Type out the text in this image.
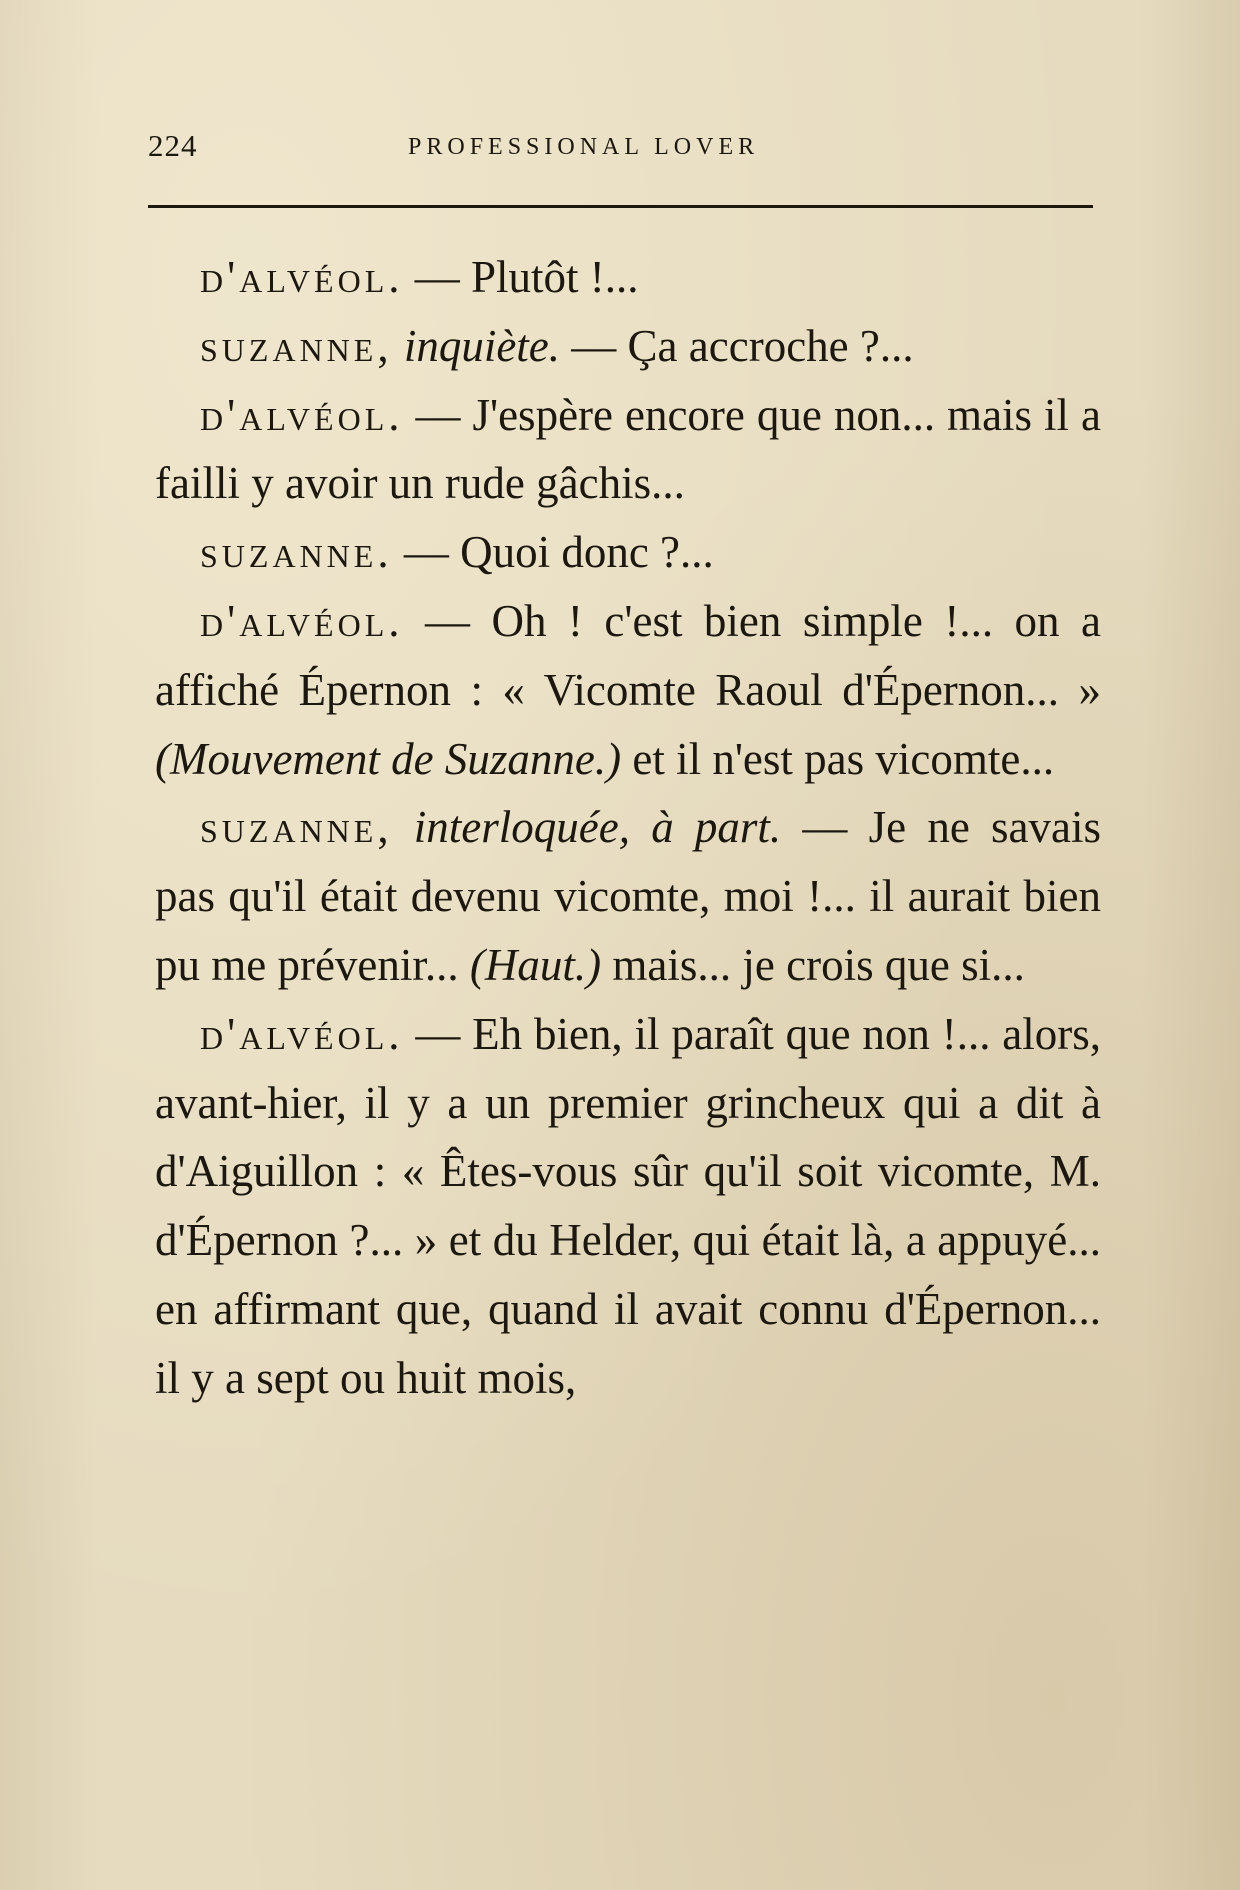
224	PROFESSIONAL LOVER

d'alvéol. — Plutôt !...

suzanne, inquiète. — Ça accroche ?...

d'alvéol. — J'espère encore que non... mais il a failli y avoir un rude gâchis...

suzanne. — Quoi donc ?...

d'alvéol. — Oh ! c'est bien simple !... on a affiché Épernon : « Vicomte Raoul d'Épernon... » (Mouvement de Suzanne.) et il n'est pas vicomte...

suzanne, interloquée, à part. — Je ne savais pas qu'il était devenu vicomte, moi !... il aurait bien pu me prévenir... (Haut.) mais... je crois que si...

d'alvéol. — Eh bien, il paraît que non !... alors, avant-hier, il y a un premier grincheux qui a dit à d'Aiguillon : « Êtes-vous sûr qu'il soit vicomte, M. d'Épernon ?... » et du Helder, qui était là, a appuyé... en affirmant que, quand il avait connu d'Épernon... il y a sept ou huit mois,
